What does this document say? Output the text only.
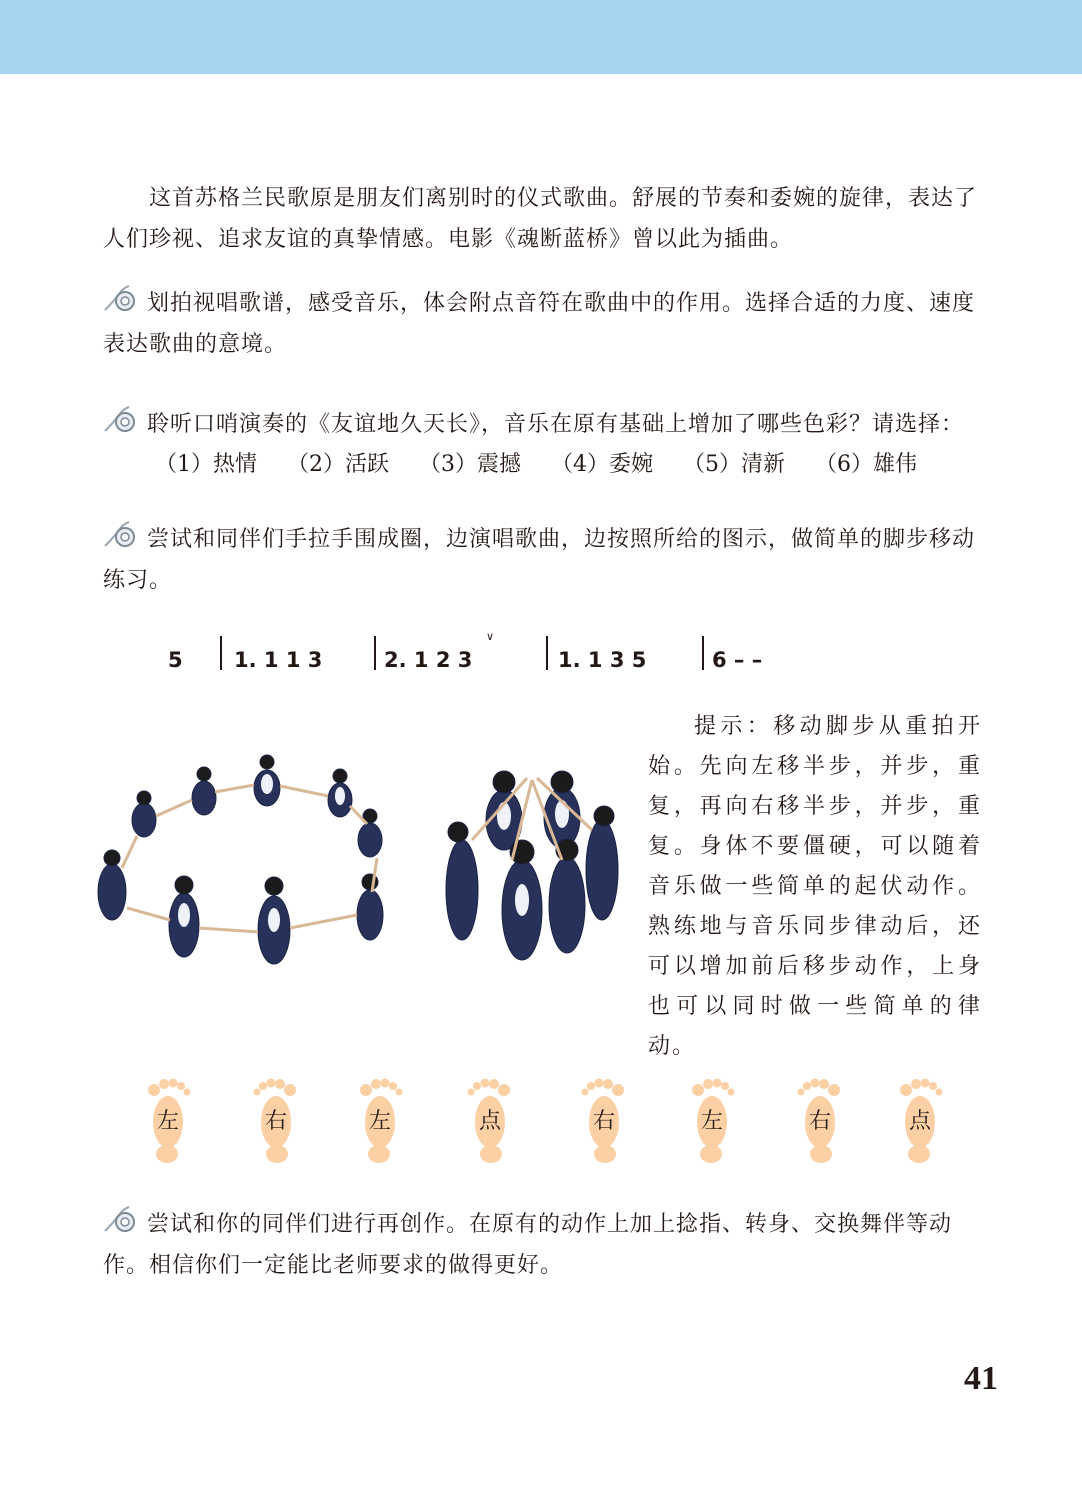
这首苏格兰民歌原是朋友们离别时的仪式歌曲。舒展的节奏和委婉的旋律，表达了人们珍视、追求友谊的真挚情感。电影《魂断蓝桥》曾以此为插曲。

划拍视唱歌谱，感受音乐，体会附点音符在歌曲中的作用。选择合适的力度、速度表达歌曲的意境。

聆听口哨演奏的《友谊地久天长》，音乐在原有基础上增加了哪些色彩？请选择：

（1）热情 （2）活跃 （3）震撼 （4）委婉 （5）清新 （6）雄伟

尝试和同伴们手拉手围成圈，边演唱歌曲，边按照所给的图示，做简单的脚步移动练习。

5 1. 1 1 3	2. 1 2 3
∨
1. 1 3 5	6 – –

提示：移动脚步从重拍开始。先向左移半步，并步，重复，再向右移半步，并步，重复。身体不要僵硬，可以随着音乐做一些简单的起伏动作。熟练地与音乐同步律动后，还可以增加前后移步动作，上身也可以同时做一些简单的律动。

左	右	左	点	右	左	右	点

尝试和你的同伴们进行再创作。在原有的动作上加上捻指、转身、交换舞伴等动作。相信你们一定能比老师要求的做得更好。

41
